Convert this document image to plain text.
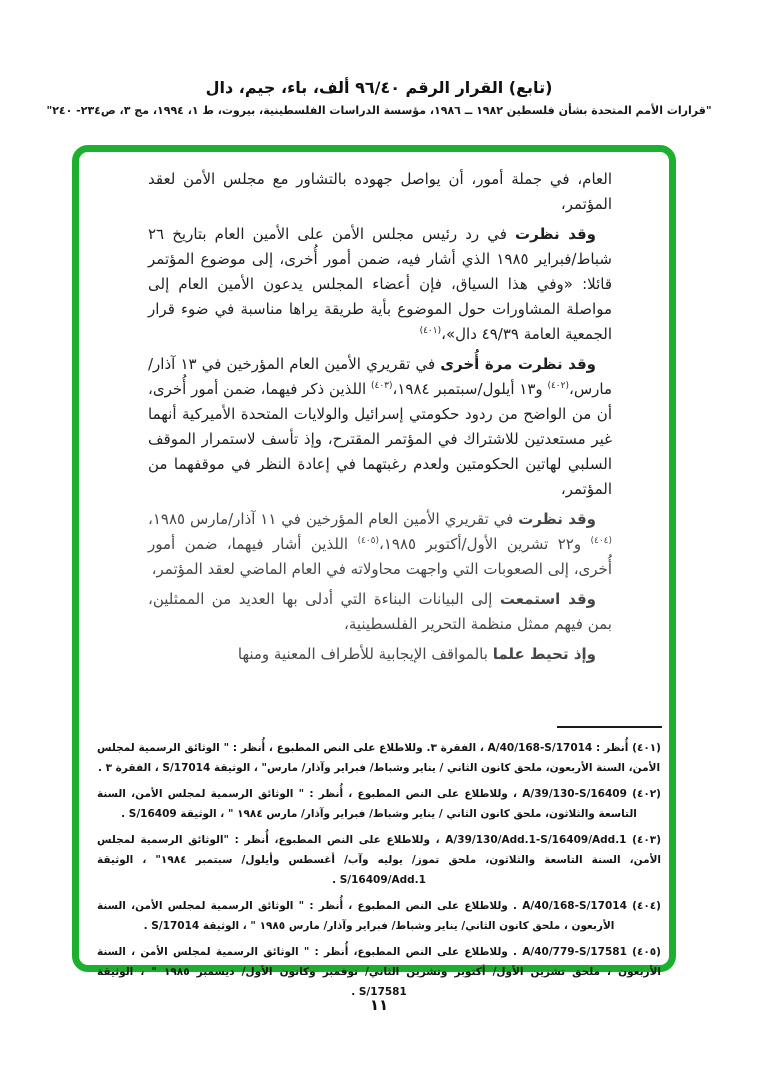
(تابع) القرار الرقم ٩٦/٤٠ ألف، باء، جيم، دال
"قرارات الأمم المتحدة بشأن فلسطين ١٩٨٢ ــ ١٩٨٦، مؤسسة الدراسات الفلسطينية، بيروت، ط ١، ١٩٩٤، مج ٣، ص٢٣٤- ٢٤٠"

العام، في جملة أمور، أن يواصل جهوده بالتشاور مع مجلس الأمن لعقد المؤتمر،

وقد نظرت في رد رئيس مجلس الأمن على الأمين العام بتاريخ ٢٦ شباط/فبراير ١٩٨٥ الذي أشار فيه، ضمن أمور أُخرى، إلى موضوع المؤتمر قائلا: «وفي هذا السياق، فإن أعضاء المجلس يدعون الأمين العام إلى مواصلة المشاورات حول الموضوع بأية طريقة يراها مناسبة في ضوء قرار الجمعية العامة ٤٩/٣٩ دال»،$^{(٤٠١)}$

وقد نظرت مرة أُخرى في تقريري الأمين العام المؤرخين في ١٣ آذار/مارس،$^{(٤٠٢)}$ و١٣ أيلول/سبتمبر ١٩٨٤،$^{(٤٠٣)}$ اللذين ذكر فيهما، ضمن أمور أُخرى، أن من الواضح من ردود حكومتي إسرائيل والولايات المتحدة الأميركية أنهما غير مستعدتين للاشتراك في المؤتمر المقترح، وإذ تأسف لاستمرار الموقف السلبي لهاتين الحكومتين ولعدم رغبتهما في إعادة النظر في موقفهما من المؤتمر،

وقد نظرت في تقريري الأمين العام المؤرخين في ١١ آذار/مارس ١٩٨٥،$^{(٤٠٤)}$ و٢٢ تشرين الأول/أكتوبر ١٩٨٥،$^{(٤٠٥)}$ اللذين أشار فيهما، ضمن أمور أُخرى، إلى الصعوبات التي واجهت محاولاته في العام الماضي لعقد المؤتمر،

وقد استمعت إلى البيانات البناءة التي أدلى بها العديد من الممثلين، بمن فيهم ممثل منظمة التحرير الفلسطينية،

وإذ تحيط علما بالمواقف الإيجابية للأطراف المعنية ومنها

(٤٠١) أُنظر : A/40/168-S/17014 ، الفقرة ٣. وللاطلاع على النص المطبوع ، أُنظر : " الوثائق الرسمية لمجلس الأمن، السنة الأربعون، ملحق كانون الثاني / يناير وشباط/ فبراير وآذار/ مارس" ، الوثيقة S/17014 ، الفقرة ٣ .
(٤٠٢) A/39/130-S/16409 ، وللاطلاع على النص المطبوع ، أُنظر : " الوثائق الرسمية لمجلس الأمن، السنة التاسعة والثلاثون، ملحق كانون الثاني / يناير وشباط/ فبراير وآذار/ مارس ١٩٨٤ " ، الوثيقة S/16409 .
(٤٠٣) A/39/130/Add.1-S/16409/Add.1 ، وللاطلاع على النص المطبوع، أُنظر : "الوثائق الرسمية لمجلس الأمن، السنة التاسعة والثلاثون، ملحق تموز/ يوليه وآب/ أغسطس وأيلول/ سبتمبر ١٩٨٤" ، الوثيقة S/16409/Add.1 .
(٤٠٤) A/40/168-S/17014 . وللاطلاع على النص المطبوع ، أُنظر : " الوثائق الرسمية لمجلس الأمن، السنة الأربعون ، ملحق كانون الثاني/ يناير وشباط/ فبراير وآذار/ مارس ١٩٨٥ " ، الوثيقة S/17014 .
(٤٠٥) A/40/779-S/17581 . وللاطلاع على النص المطبوع، أُنظر : " الوثائق الرسمية لمجلس الأمن ، السنة الأربعون ، ملحق تشرين الأول/ أكتوبر وتشرين الثاني/ نوفمبر وكانون الأول/ ديسمبر ١٩٨٥ " ، الوثيقة S/17581 .
١١
